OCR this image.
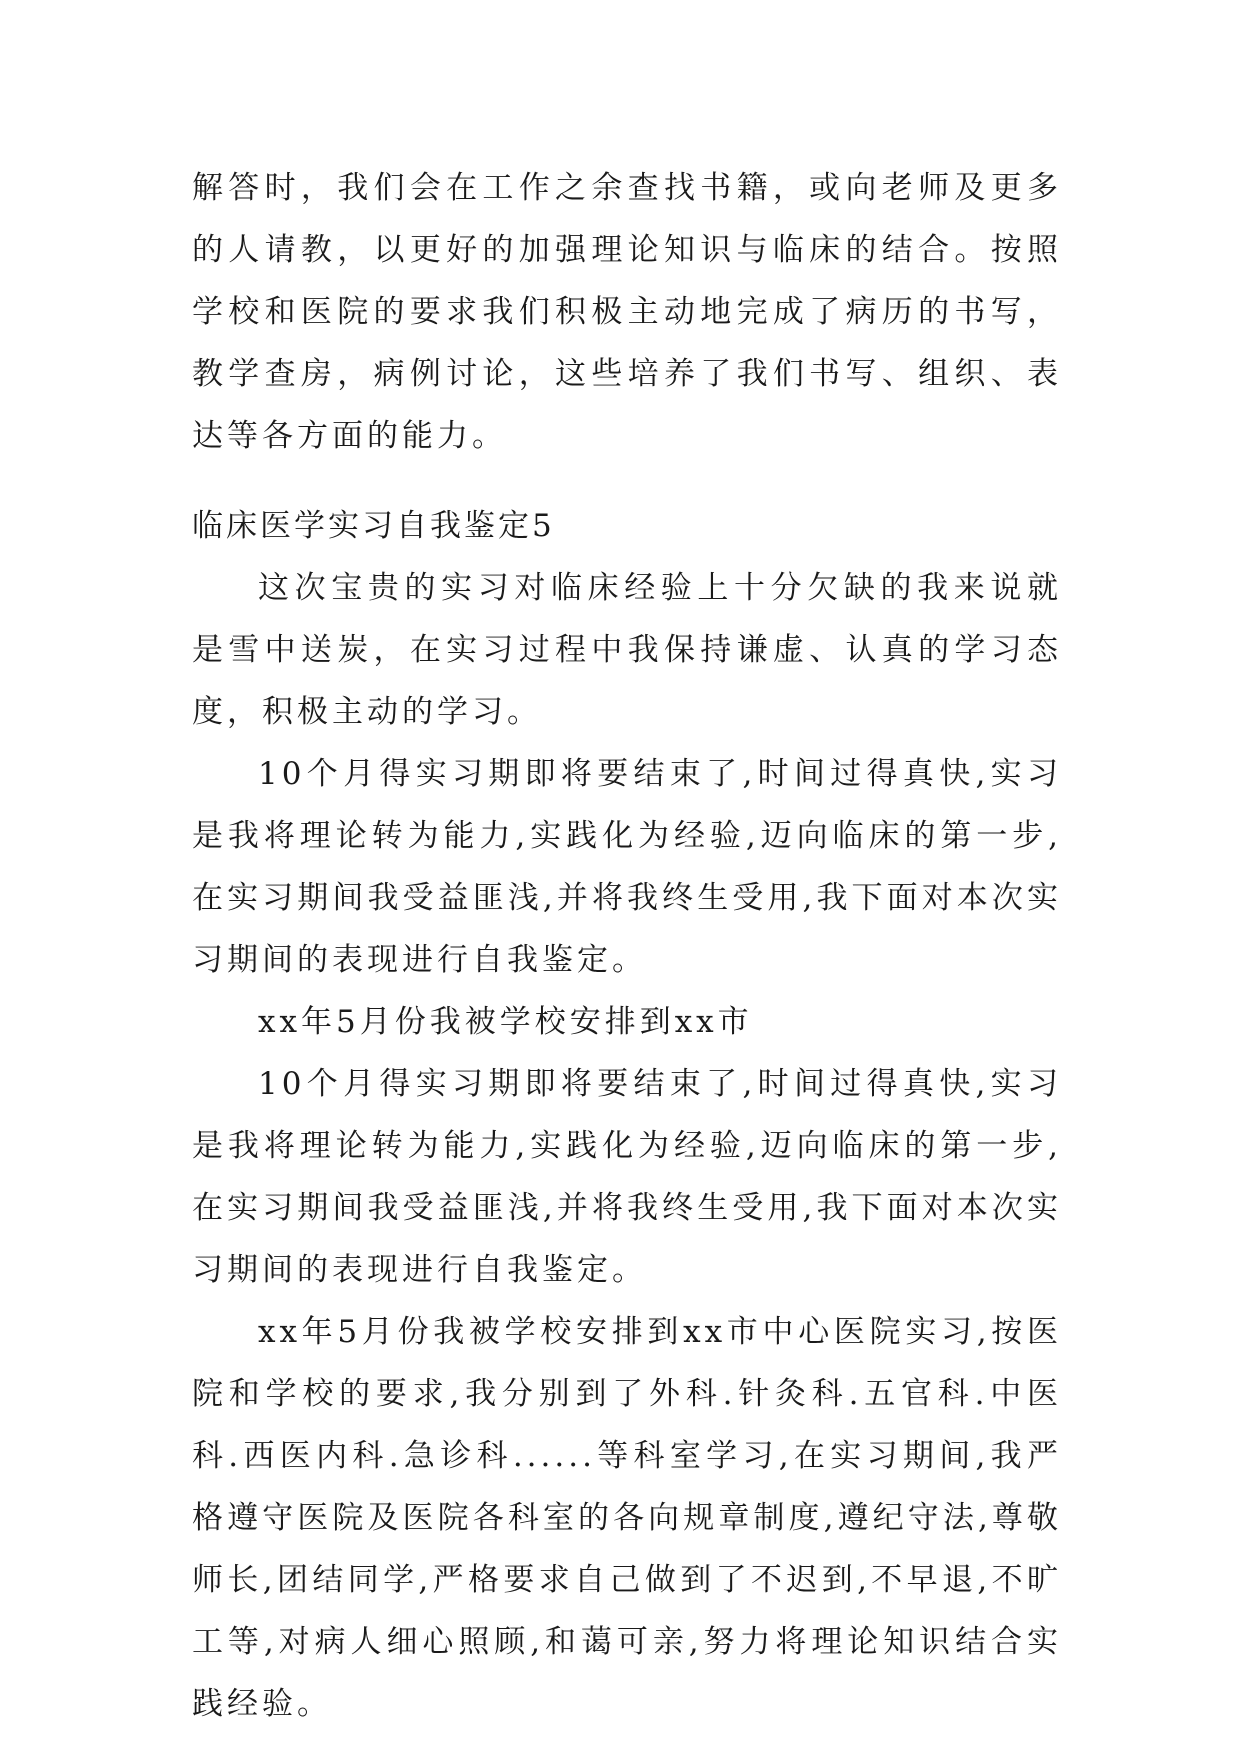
解答时，我们会在工作之余查找书籍，或向老师及更多的人请教，以更好的加强理论知识与临床的结合。按照学校和医院的要求我们积极主动地完成了病历的书写，教学查房，病例讨论，这些培养了我们书写、组织、表达等各方面的能力。

临床医学实习自我鉴定5

这次宝贵的实习对临床经验上十分欠缺的我来说就是雪中送炭，在实习过程中我保持谦虚、认真的学习态度，积极主动的学习。

10个月得实习期即将要结束了,时间过得真快,实习是我将理论转为能力,实践化为经验,迈向临床的第一步,在实习期间我受益匪浅,并将我终生受用,我下面对本次实习期间的表现进行自我鉴定。

xx年5月份我被学校安排到xx市

10个月得实习期即将要结束了,时间过得真快,实习是我将理论转为能力,实践化为经验,迈向临床的第一步,在实习期间我受益匪浅,并将我终生受用,我下面对本次实习期间的表现进行自我鉴定。

xx年5月份我被学校安排到xx市中心医院实习,按医院和学校的要求,我分别到了外科.针灸科.五官科.中医科.西医内科.急诊科......等科室学习,在实习期间,我严格遵守医院及医院各科室的各向规章制度,遵纪守法,尊敬师长,团结同学,严格要求自己做到了不迟到,不早退,不旷工等,对病人细心照顾,和蔼可亲,努力将理论知识结合实践经验。
